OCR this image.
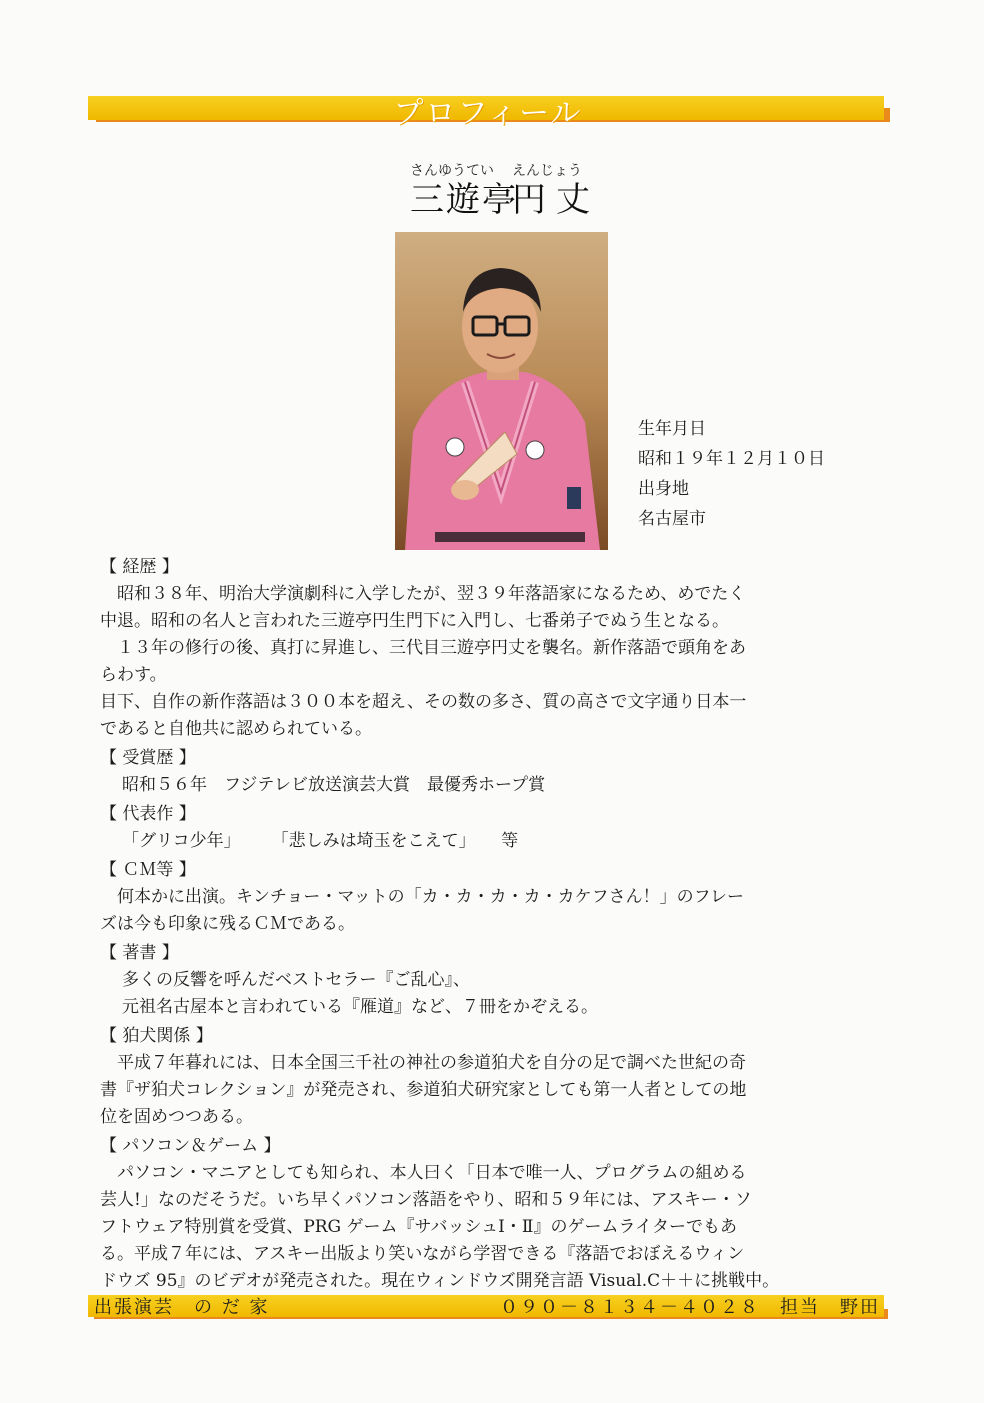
プロフィール
さんゆうてい えんじょう
三遊亭
円丈
生年月日
昭和１９年１２月１０日
出身地
名古屋市
【 経歴 】
　昭和３８年、明治大学演劇科に入学したが、翌３９年落語家になるため、めでたく
中退。昭和の名人と言われた三遊亭円生門下に入門し、七番弟子でぬう生となる。
　１３年の修行の後、真打に昇進し、三代目三遊亭円丈を襲名。新作落語で頭角をあ
らわす。
目下、自作の新作落語は３００本を超え、その数の多さ、質の高さで文字通り日本一
であると自他共に認められている。
【 受賞歴 】
昭和５６年　フジテレビ放送演芸大賞　最優秀ホープ賞
【 代表作 】
「グリコ少年」　　 「悲しみは埼玉をこえて」　　等
【 ＣＭ等 】
　何本かに出演。キンチョー・マットの「カ・カ・カ・カ・カケフさん！」のフレー
ズは今も印象に残るＣＭである。
【 著書 】
多くの反響を呼んだベストセラー『ご乱心』、
元祖名古屋本と言われている『雁道』など、７冊をかぞえる。
【 狛犬関係 】
　平成７年暮れには、日本全国三千社の神社の参道狛犬を自分の足で調べた世紀の奇
書『ザ狛犬コレクション』が発売され、参道狛犬研究家としても第一人者としての地
位を固めつつある。
【 パソコン＆ゲーム 】
　パソコン・マニアとしても知られ、本人曰く「日本で唯一人、プログラムの組める
芸人!」なのだそうだ。いち早くパソコン落語をやり、昭和５９年には、アスキー・ソ
フトウェア特別賞を受賞、PRG ゲーム『サバッシュⅠ・Ⅱ』のゲームライターでもあ
る。平成７年には、アスキー出版より笑いながら学習できる『落語でおぼえるウィン
ドウズ 95』のビデオが発売された。現在ウィンドウズ開発言語 Visual.C＋＋に挑戦中。
出張演芸　の だ 家	０９０－８１３４－４０２８　担当　野田
